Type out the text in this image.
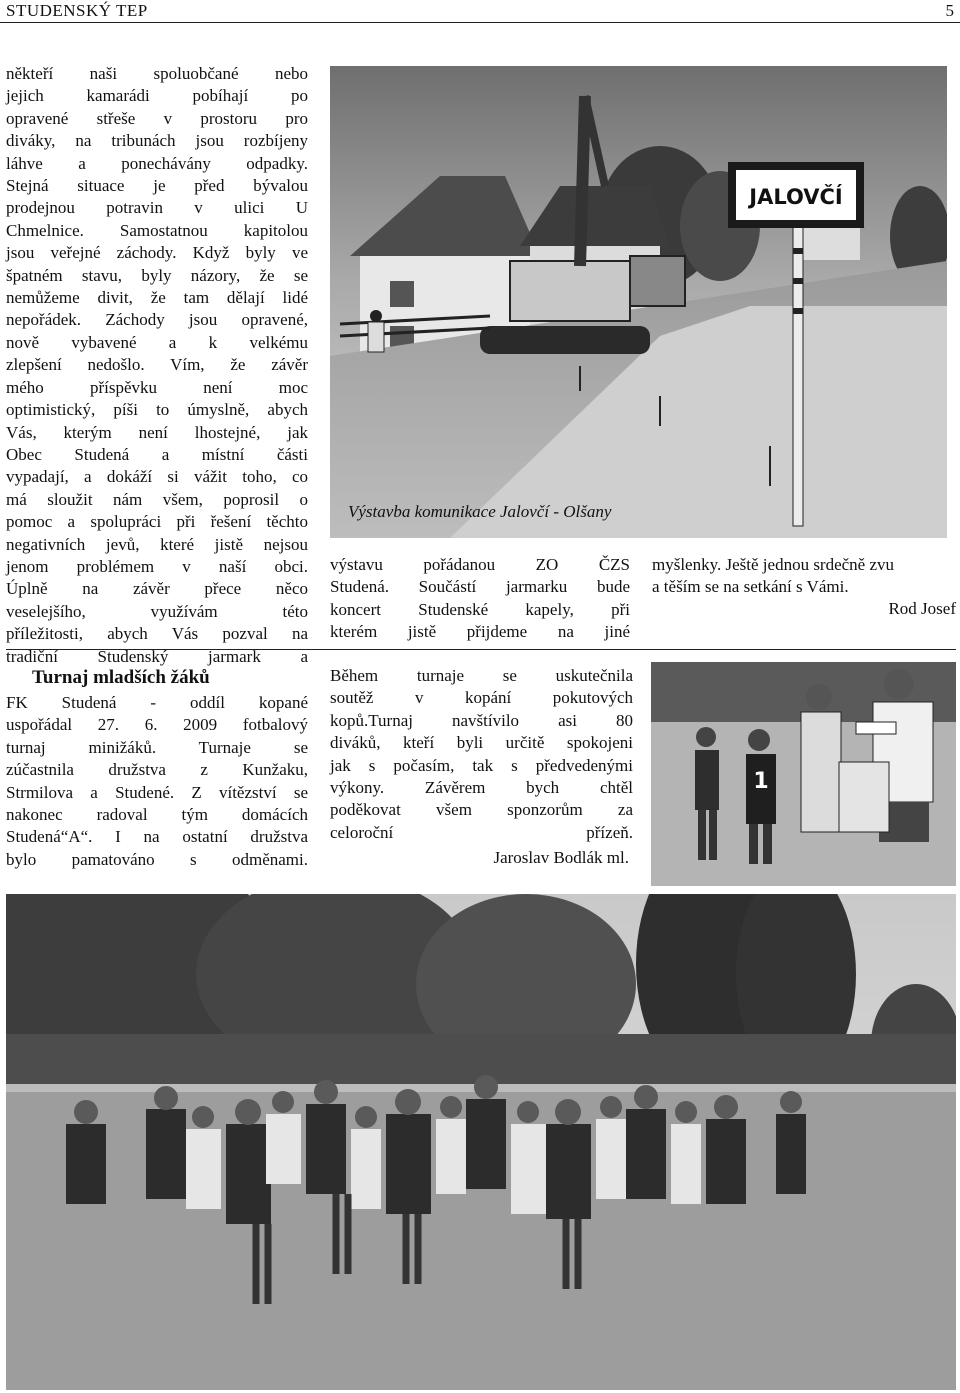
STUDENSKÝ TEP	5
někteří naši spoluobčané nebo
jejich kamarádi pobíhají po
opravené střeše v prostoru pro
diváky, na tribunách jsou rozbíjeny
láhve a ponechávány odpadky.
Stejná situace je před bývalou
prodejnou potravin v ulici U
Chmelnice. Samostatnou kapitolou
jsou veřejné záchody. Když byly ve
špatném stavu, byly názory, že se
nemůžeme divit, že tam dělají lidé
nepořádek. Záchody jsou opravené,
nově vybavené a k velkému
zlepšení nedošlo. Vím, že závěr
mého příspěvku není moc
optimistický, píši to úmyslně, abych
Vás, kterým není lhostejné, jak
Obec Studená a místní části
vypadají, a dokáží si vážit toho, co
má sloužit nám všem, poprosil o
pomoc a spolupráci při řešení těchto
negativních jevů, které jistě nejsou
jenom problémem v naší obci.
Úplně na závěr přece něco
veselejšího, využívám této
příležitosti, abych Vás pozval na
tradiční Studenský jarmark a
JALOVČÍ
Výstavba komunikace Jalovčí - Olšany
výstavu pořádanou ZO ČZS
Studená. Součástí jarmarku bude
koncert Studenské kapely, při
kterém jistě přijdeme na jiné
myšlenky. Ještě jednou srdečně zvu
a těším se na setkání s Vámi.
Rod Josef
Turnaj mladších žáků
FK Studená - oddíl kopané
uspořádal 27. 6. 2009 fotbalový
turnaj minižáků. Turnaje se
zúčastnila družstva z Kunžaku,
Strmilova a Studené. Z vítězství se
nakonec radoval tým domácích
Studená“A“. I na ostatní družstva
bylo pamatováno s odměnami.
Během turnaje se uskutečnila
soutěž v kopání pokutových
kopů.Turnaj navštívilo asi 80
diváků, kteří byli určitě spokojeni
jak s počasím, tak s předvedenými
výkony. Závěrem bych chtěl
poděkovat všem sponzorům za
celoroční přízeň.
Jaroslav Bodlák ml.
1
